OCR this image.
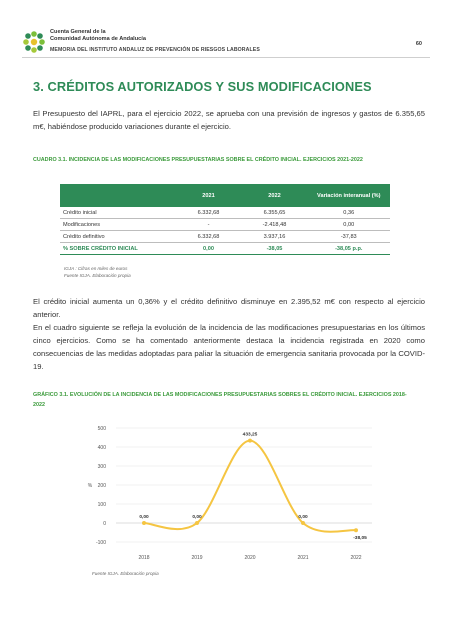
Cuenta General de la
Comunidad Autónoma de Andalucía
MEMORIA DEL INSTITUTO ANDALUZ DE PREVENCIÓN DE RIESGOS LABORALES
60
3. CRÉDITOS AUTORIZADOS Y SUS MODIFICACIONES
El Presupuesto del IAPRL, para el ejercicio 2022, se aprueba con una previsión de ingresos y gastos de 6.355,65 m€, habiéndose producido variaciones durante el ejercicio.
CUADRO 3.1. INCIDENCIA DE LAS MODIFICACIONES PRESUPUESTARIAS SOBRE EL CRÉDITO INICIAL. EJERCICIOS 2021-2022
	2021	2022	Variación interanual (%)
Crédito inicial	6.332,68	6.355,65	0,36
Modificaciones	-	-2.418,48	0,00
Crédito definitivo	6.332,68	3.937,16	-37,83
% SOBRE CRÉDITO INICIAL	0,00	-38,05	-38,05 p.p.
IGJA : Cifras en miles de euros
Fuente IGJA. Elaboración propia
El crédito inicial aumenta un 0,36% y el crédito definitivo disminuye en 2.395,52 m€ con respecto al ejercicio anterior.
En el cuadro siguiente se refleja la evolución de la incidencia de las modificaciones presupuestarias en los últimos cinco ejercicios. Como se ha comentado anteriormente destaca la incidencia registrada en 2020 como consecuencias de las medidas adoptadas para paliar la situación de emergencia sanitaria provocada por la COVID-19.
GRÁFICO 3.1. EVOLUCIÓN DE LA INCIDENCIA DE LAS MODIFICACIONES PRESUPUESTARIAS SOBRES EL CRÉDITO INICIAL. EJERCICIOS 2018-2022
-100
0
100
200
300
400
500
%
2018	2019	2020	2021	2022
0,00	0,00
433,25
0,00
-38,05
Fuente IGJA. Elaboración propia
